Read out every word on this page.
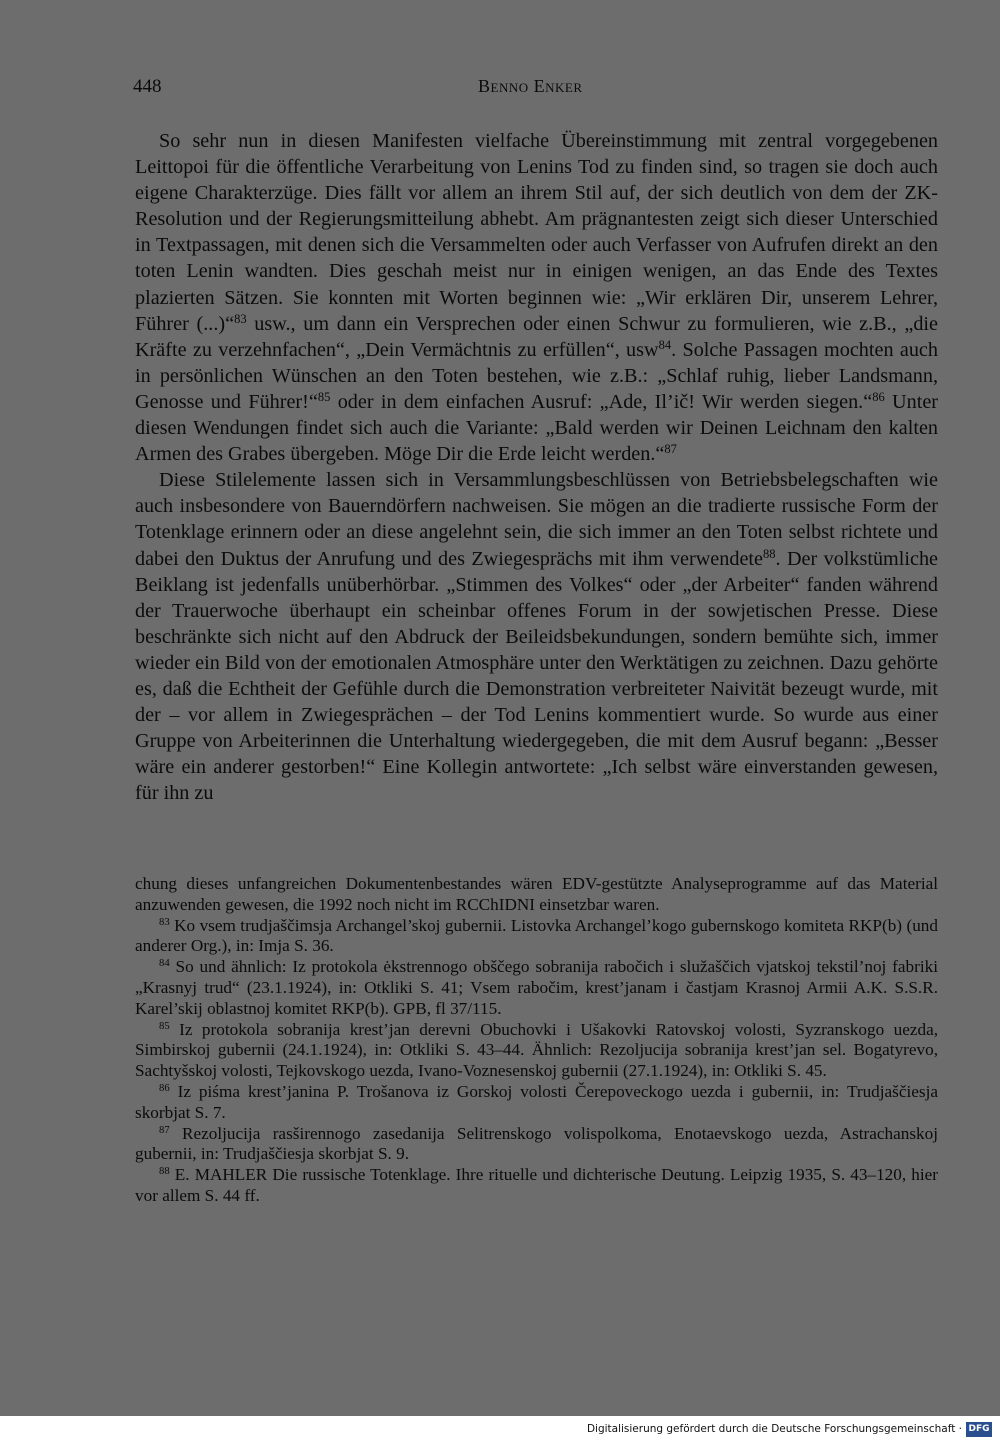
448	Benno Enker

So sehr nun in diesen Manifesten vielfache Übereinstimmung mit zentral vorgegebenen Leittopoi für die öffentliche Verarbeitung von Lenins Tod zu finden sind, so tragen sie doch auch eigene Charakterzüge. Dies fällt vor allem an ihrem Stil auf, der sich deutlich von dem der ZK-Resolution und der Regierungsmitteilung abhebt. Am prägnantesten zeigt sich dieser Unterschied in Textpassagen, mit denen sich die Versammelten oder auch Verfasser von Aufrufen direkt an den toten Lenin wandten. Dies geschah meist nur in einigen wenigen, an das Ende des Textes plazierten Sätzen. Sie konnten mit Worten beginnen wie: „Wir erklären Dir, unserem Lehrer, Führer (...)“$^{83}$ usw., um dann ein Versprechen oder einen Schwur zu formulieren, wie z.B., „die Kräfte zu verzehnfachen“, „Dein Vermächtnis zu erfüllen“, usw$^{84}$. Solche Passagen mochten auch in persönlichen Wünschen an den Toten bestehen, wie z.B.: „Schlaf ruhig, lieber Landsmann, Genosse und Führer!“$^{85}$ oder in dem einfachen Ausruf: „Ade, Il’ič! Wir werden siegen.“$^{86}$ Unter diesen Wendungen findet sich auch die Variante: „Bald werden wir Deinen Leichnam den kalten Armen des Grabes übergeben. Möge Dir die Erde leicht werden.“$^{87}$

Diese Stilelemente lassen sich in Versammlungsbeschlüssen von Betriebsbelegschaften wie auch insbesondere von Bauerndörfern nachweisen. Sie mögen an die tradierte russische Form der Totenklage erinnern oder an diese angelehnt sein, die sich immer an den Toten selbst richtete und dabei den Duktus der Anrufung und des Zwiegesprächs mit ihm verwendete$^{88}$. Der volkstümliche Beiklang ist jedenfalls unüberhörbar. „Stimmen des Volkes“ oder „der Arbeiter“ fanden während der Trauerwoche überhaupt ein scheinbar offenes Forum in der sowjetischen Presse. Diese beschränkte sich nicht auf den Abdruck der Beileidsbekundungen, sondern bemühte sich, immer wieder ein Bild von der emotionalen Atmosphäre unter den Werktätigen zu zeichnen. Dazu gehörte es, daß die Echtheit der Gefühle durch die Demonstration verbreiteter Naivität bezeugt wurde, mit der – vor allem in Zwiegesprächen – der Tod Lenins kommentiert wurde. So wurde aus einer Gruppe von Arbeiterinnen die Unterhaltung wiedergegeben, die mit dem Ausruf begann: „Besser wäre ein anderer gestorben!“ Eine Kollegin antwortete: „Ich selbst wäre einverstanden gewesen, für ihn zu

chung dieses unfangreichen Dokumentenbestandes wären EDV-gestützte Analyseprogramme auf das Material anzuwenden gewesen, die 1992 noch nicht im RCChIDNI einsetzbar waren.

$^{83}$ Ko vsem trudjaščimsja Archangel’skoj gubernii. Listovka Archangel’kogo gubernskogo komiteta RKP(b) (und anderer Org.), in: Imja S. 36.

$^{84}$ So und ähnlich: Iz protokola ėkstrennogo obščego sobranija rabočich i služaščich vjatskoj tekstil’noj fabriki „Krasnyj trud“ (23.1.1924), in: Otkliki S. 41; Vsem rabočim, krest’janam i častjam Krasnoj Armii A.K. S.S.R. Karel’skij oblastnoj komitet RKP(b). GPB, fl 37/115.

$^{85}$ Iz protokola sobranija krest’jan derevni Obuchovki i Ušakovki Ratovskoj volosti, Syzranskogo uezda, Simbirskoj gubernii (24.1.1924), in: Otkliki S. 43–44. Ähnlich: Rezoljucija sobranija krest’jan sel. Bogatyrevo, Sachtyšskoj volosti, Tejkovskogo uezda, Ivano-Voznesenskoj gubernii (27.1.1924), in: Otkliki S. 45.

$^{86}$ Iz piśma krest’janina P. Trošanova iz Gorskoj volosti Čerepoveckogo uezda i gubernii, in: Trudjaščiesja skorbjat S. 7.

$^{87}$ Rezoljucija rasširennogo zasedanija Selitrenskogo volispolkoma, Enotaevskogo uezda, Astrachanskoj gubernii, in: Trudjaščiesja skorbjat S. 9.

$^{88}$ E. MAHLER Die russische Totenklage. Ihre rituelle und dichterische Deutung. Leipzig 1935, S. 43–120, hier vor allem S. 44 ff.

Digitalisierung gefördert durch die Deutsche Forschungsgemeinschaft · DFG
